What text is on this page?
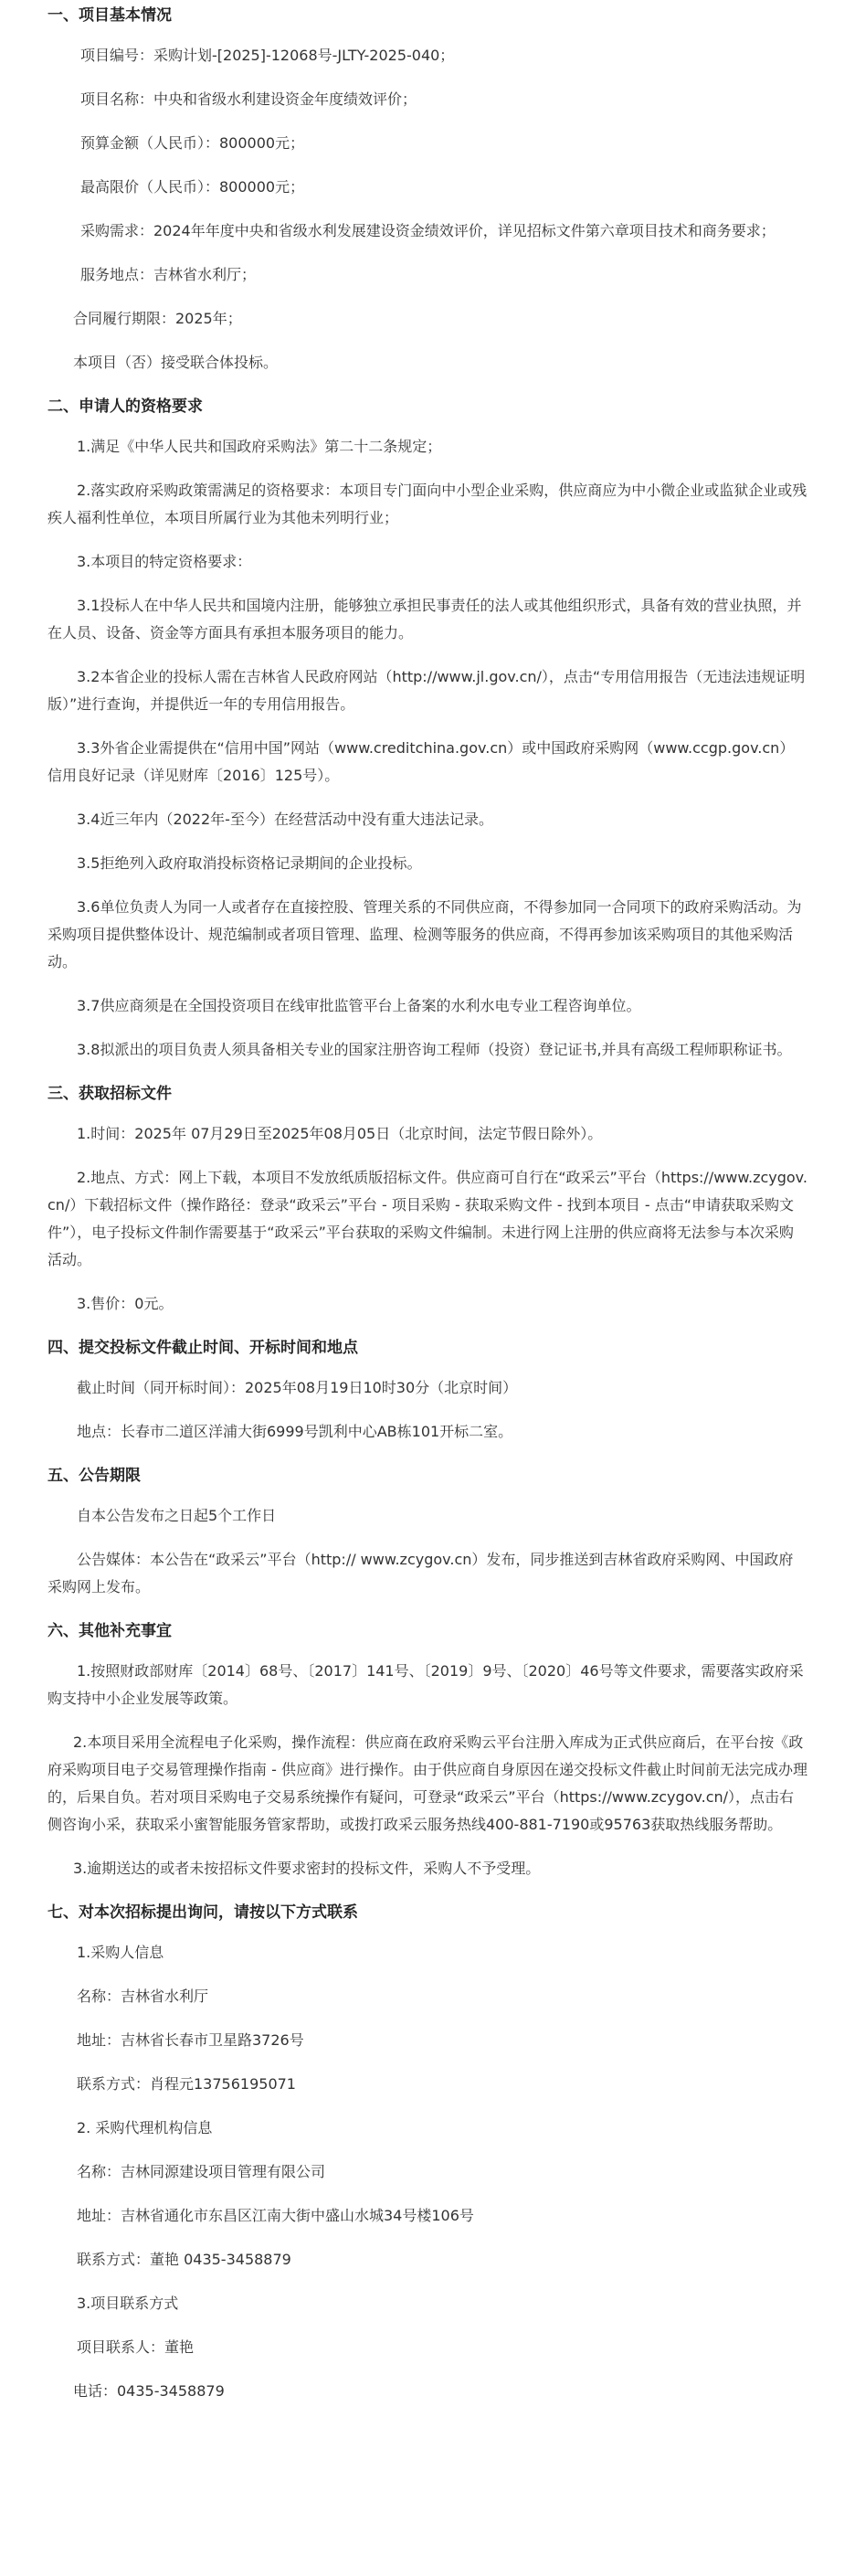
一、项目基本情况
项目编号：采购计划-[2025]-12068号-JLTY-2025-040；
项目名称：中央和省级水利建设资金年度绩效评价；
预算金额（人民币）：800000元；
最高限价（人民币）：800000元；
采购需求：2024年年度中央和省级水利发展建设资金绩效评价，详见招标文件第六章项目技术和商务要求；
服务地点：吉林省水利厅；
合同履行期限：2025年；
本项目（否）接受联合体投标。
二、申请人的资格要求
1.满足《中华人民共和国政府采购法》第二十二条规定；
2.落实政府采购政策需满足的资格要求：本项目专门面向中小型企业采购，供应商应为中小微企业或监狱企业或残疾人福利性单位，本项目所属行业为其他未列明行业；
3.本项目的特定资格要求：
3.1投标人在中华人民共和国境内注册，能够独立承担民事责任的法人或其他组织形式，具备有效的营业执照，并在人员、设备、资金等方面具有承担本服务项目的能力。
3.2本省企业的投标人需在吉林省人民政府网站（http://www.jl.gov.cn/），点击“专用信用报告（无违法违规证明版）”进行查询，并提供近一年的专用信用报告。
3.3外省企业需提供在“信用中国”网站（www.creditchina.gov.cn）或中国政府采购网（www.ccgp.gov.cn）信用良好记录（详见财库〔2016〕125号）。
3.4近三年内（2022年-至今）在经营活动中没有重大违法记录。
3.5拒绝列入政府取消投标资格记录期间的企业投标。
3.6单位负责人为同一人或者存在直接控股、管理关系的不同供应商，不得参加同一合同项下的政府采购活动。为采购项目提供整体设计、规范编制或者项目管理、监理、检测等服务的供应商，不得再参加该采购项目的其他采购活动。
3.7供应商须是在全国投资项目在线审批监管平台上备案的水利水电专业工程咨询单位。
3.8拟派出的项目负责人须具备相关专业的国家注册咨询工程师（投资）登记证书,并具有高级工程师职称证书。
三、获取招标文件
1.时间：2025年 07月29日至2025年08月05日（北京时间，法定节假日除外）。
2.地点、方式：网上下载，本项目不发放纸质版招标文件。供应商可自行在“政采云”平台（https://www.zcygov.cn/）下载招标文件（操作路径：登录“政采云”平台 - 项目采购 - 获取采购文件 - 找到本项目 - 点击“申请获取采购文件”），电子投标文件制作需要基于“政采云”平台获取的采购文件编制。未进行网上注册的供应商将无法参与本次采购活动。
3.售价：0元。
四、提交投标文件截止时间、开标时间和地点
截止时间（同开标时间）：2025年08月19日10时30分（北京时间）
地点：长春市二道区洋浦大街6999号凯利中心AB栋101开标二室。
五、公告期限
自本公告发布之日起5个工作日
公告媒体：本公告在“政采云”平台（http:// www.zcygov.cn）发布，同步推送到吉林省政府采购网、中国政府采购网上发布。
六、其他补充事宜
1.按照财政部财库〔2014〕68号、〔2017〕141号、〔2019〕9号、〔2020〕46号等文件要求，需要落实政府采购支持中小企业发展等政策。
2.本项目采用全流程电子化采购，操作流程：供应商在政府采购云平台注册入库成为正式供应商后，在平台按《政府采购项目电子交易管理操作指南 - 供应商》进行操作。由于供应商自身原因在递交投标文件截止时间前无法完成办理的，后果自负。若对项目采购电子交易系统操作有疑问，可登录“政采云”平台（https://www.zcygov.cn/），点击右侧咨询小采，获取采小蜜智能服务管家帮助，或拨打政采云服务热线400-881-7190或95763获取热线服务帮助。
3.逾期送达的或者未按招标文件要求密封的投标文件，采购人不予受理。
七、对本次招标提出询问，请按以下方式联系
1.采购人信息
名称：吉林省水利厅
地址：吉林省长春市卫星路3726号
联系方式：肖程元13756195071
2. 采购代理机构信息
名称：吉林同源建设项目管理有限公司
地址：吉林省通化市东昌区江南大街中盛山水城34号楼106号
联系方式：董艳 0435-3458879
3.项目联系方式
项目联系人：董艳
电话：0435-3458879
